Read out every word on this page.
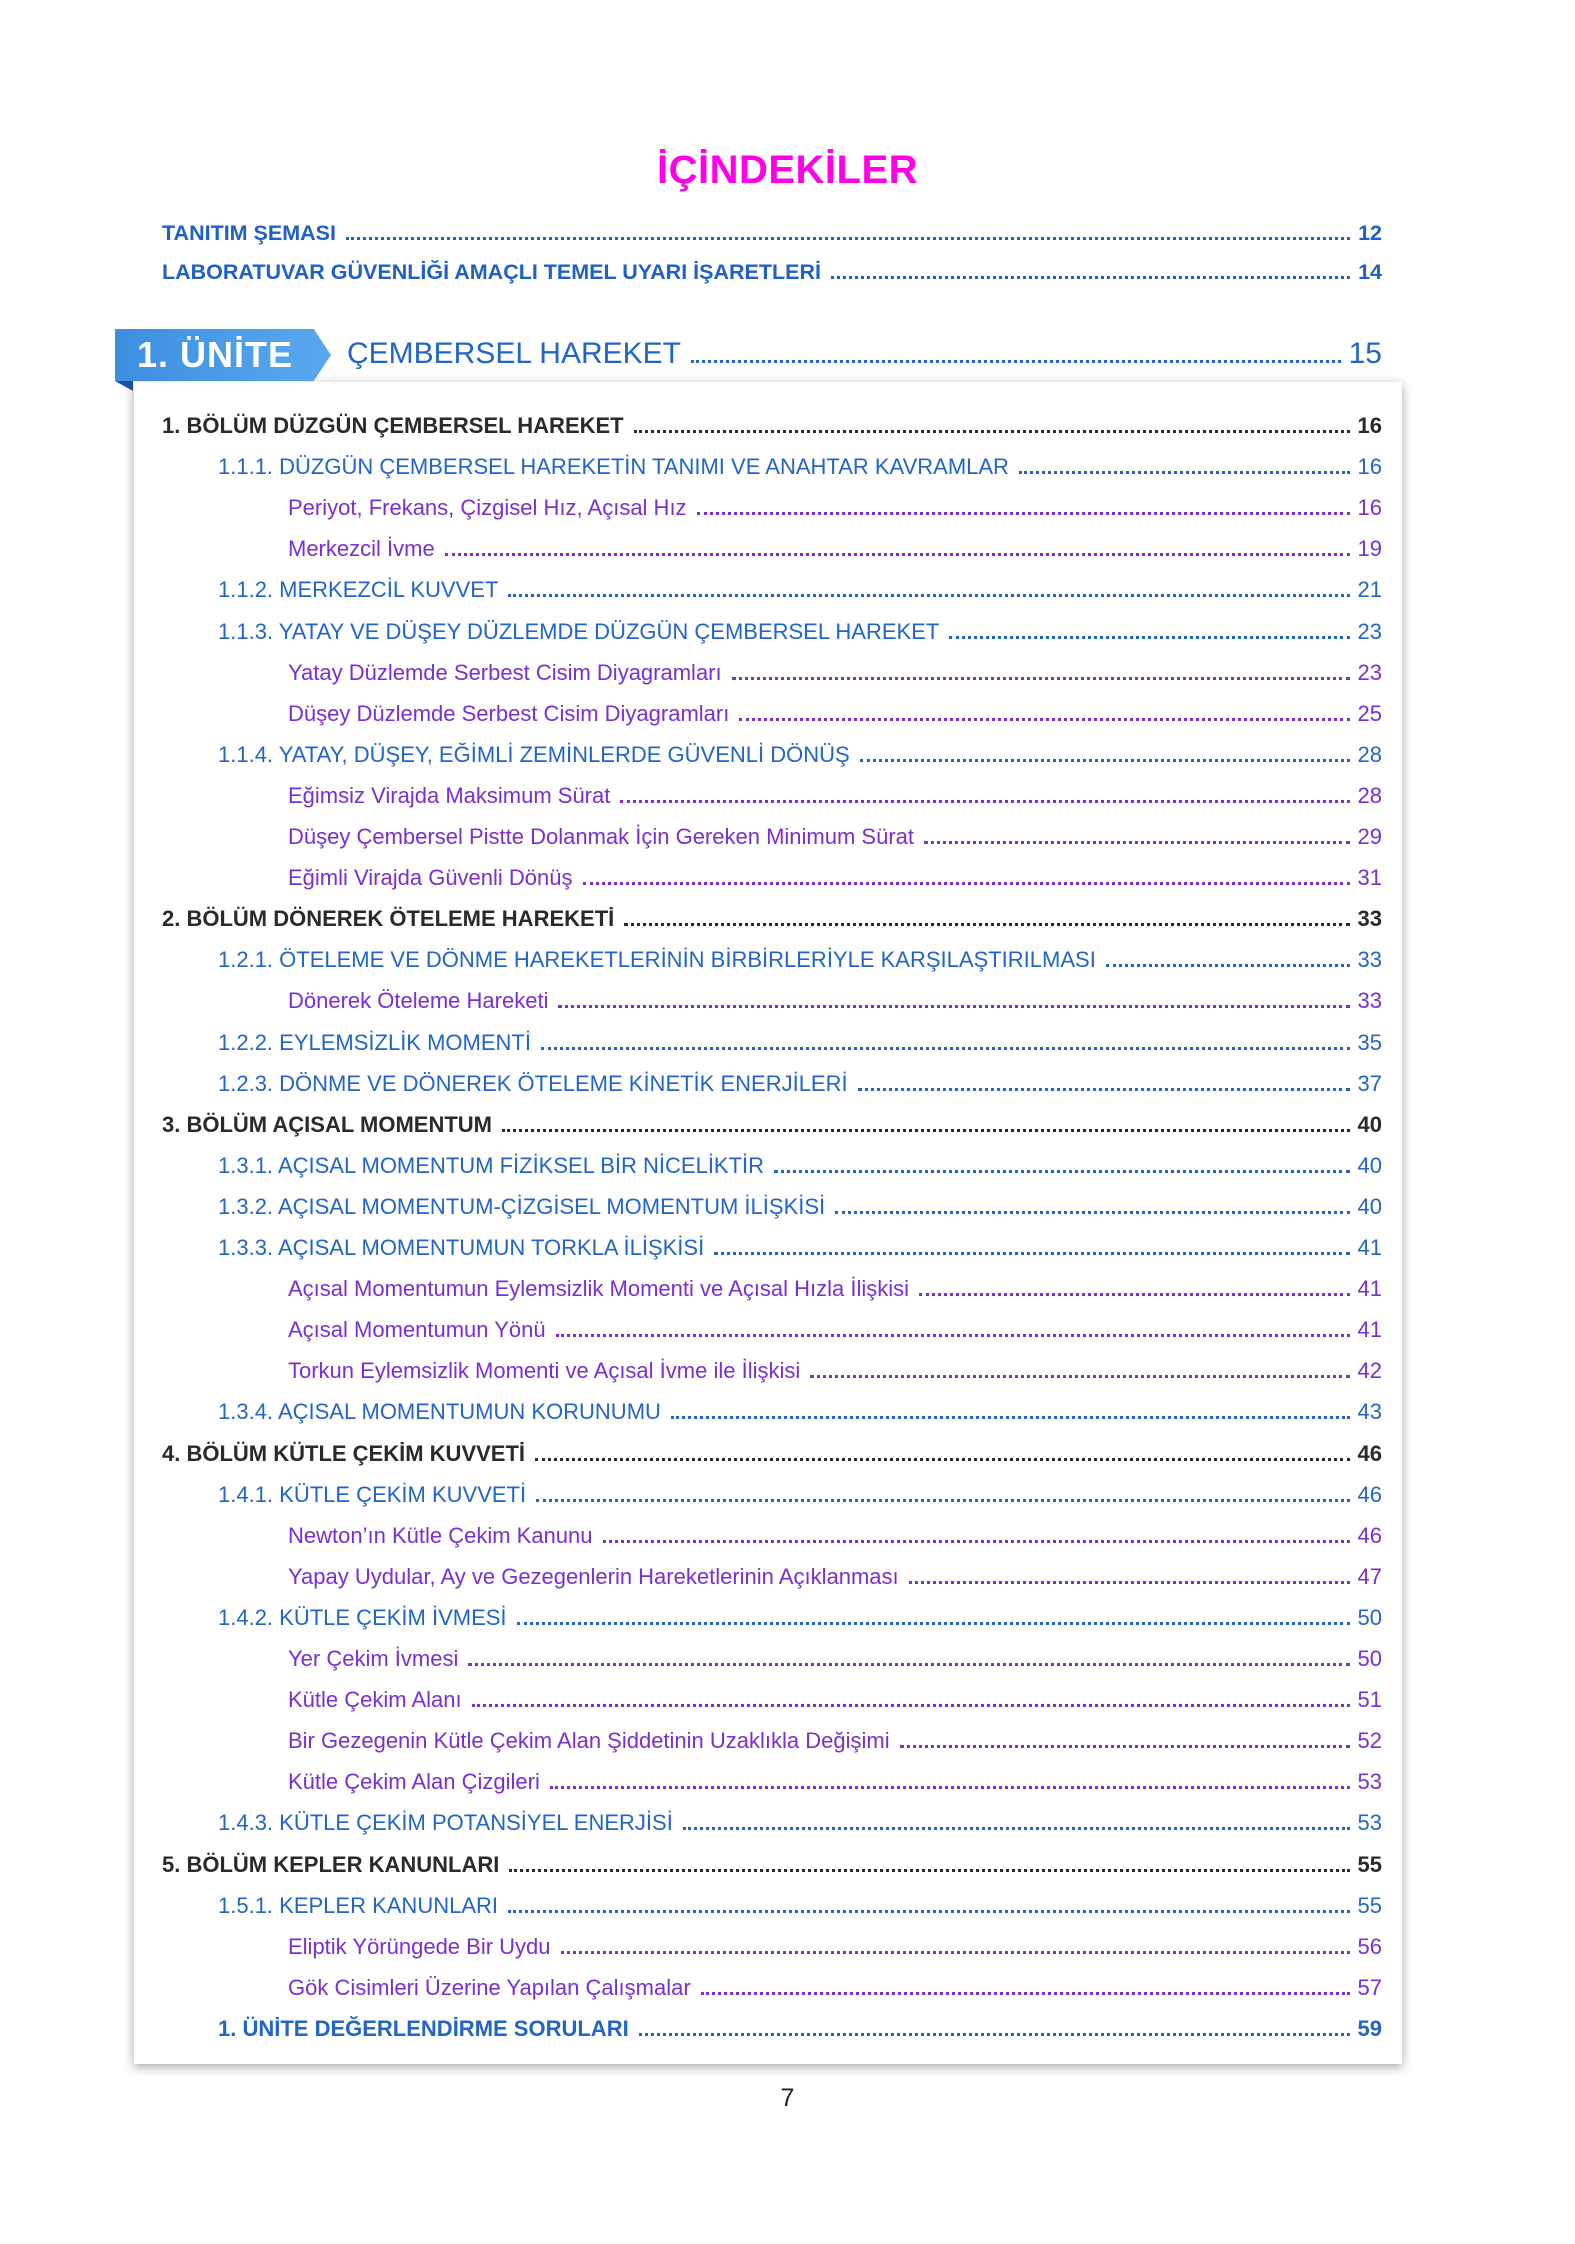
İÇİNDEKİLER
TANITIM ŞEMASI	12
LABORATUVAR GÜVENLİĞİ AMAÇLI TEMEL UYARI İŞARETLERİ	14
1. ÜNİTE	ÇEMBERSEL HAREKET	15
1. BÖLÜM DÜZGÜN ÇEMBERSEL HAREKET	16
1.1.1. DÜZGÜN ÇEMBERSEL HAREKETİN TANIMI VE ANAHTAR KAVRAMLAR	16
Periyot, Frekans, Çizgisel Hız, Açısal Hız	16
Merkezcil İvme	19
1.1.2. MERKEZCİL KUVVET	21
1.1.3. YATAY VE DÜŞEY DÜZLEMDE DÜZGÜN ÇEMBERSEL HAREKET	23
Yatay Düzlemde Serbest Cisim Diyagramları	23
Düşey Düzlemde Serbest Cisim Diyagramları	25
1.1.4. YATAY, DÜŞEY, EĞİMLİ ZEMİNLERDE GÜVENLİ DÖNÜŞ	28
Eğimsiz Virajda Maksimum Sürat	28
Düşey Çembersel Pistte Dolanmak İçin Gereken Minimum Sürat	29
Eğimli Virajda Güvenli Dönüş	31
2. BÖLÜM DÖNEREK ÖTELEME HAREKETİ	33
1.2.1. ÖTELEME VE DÖNME HAREKETLERİNİN BİRBİRLERİYLE KARŞILAŞTIRILMASI	33
Dönerek Öteleme Hareketi	33
1.2.2. EYLEMSİZLİK MOMENTİ	35
1.2.3. DÖNME VE DÖNEREK ÖTELEME KİNETİK ENERJİLERİ	37
3. BÖLÜM AÇISAL MOMENTUM	40
1.3.1. AÇISAL MOMENTUM FİZİKSEL BİR NİCELİKTİR	40
1.3.2. AÇISAL MOMENTUM-ÇİZGİSEL MOMENTUM İLİŞKİSİ	40
1.3.3. AÇISAL MOMENTUMUN TORKLA İLİŞKİSİ	41
Açısal Momentumun Eylemsizlik Momenti ve Açısal Hızla İlişkisi	41
Açısal Momentumun Yönü	41
Torkun Eylemsizlik Momenti ve Açısal İvme ile İlişkisi	42
1.3.4. AÇISAL MOMENTUMUN KORUNUMU	43
4. BÖLÜM KÜTLE ÇEKİM KUVVETİ	46
1.4.1. KÜTLE ÇEKİM KUVVETİ	46
Newton’ın Kütle Çekim Kanunu	46
Yapay Uydular, Ay ve Gezegenlerin Hareketlerinin Açıklanması	47
1.4.2. KÜTLE ÇEKİM İVMESİ	50
Yer Çekim İvmesi	50
Kütle Çekim Alanı	51
Bir Gezegenin Kütle Çekim Alan Şiddetinin Uzaklıkla Değişimi	52
Kütle Çekim Alan Çizgileri	53
1.4.3. KÜTLE ÇEKİM POTANSİYEL ENERJİSİ	53
5. BÖLÜM KEPLER KANUNLARI	55
1.5.1. KEPLER KANUNLARI	55
Eliptik Yörüngede Bir Uydu	56
Gök Cisimleri Üzerine Yapılan Çalışmalar	57
1. ÜNİTE DEĞERLENDİRME SORULARI	59
7
